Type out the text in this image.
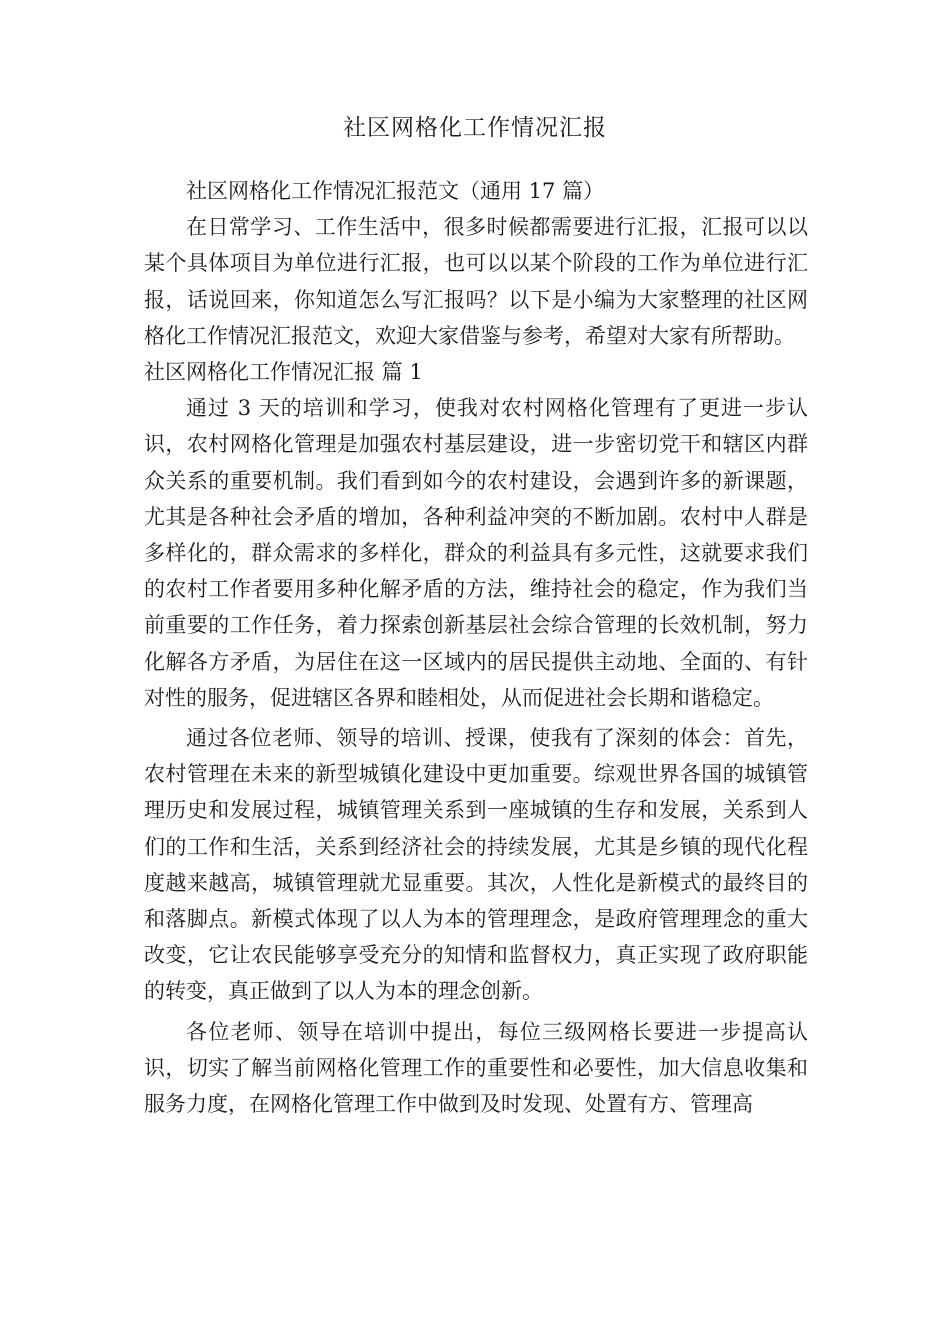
社区网格化工作情况汇报

社区网格化工作情况汇报范文（通用 17 篇）

在日常学习、工作生活中，很多时候都需要进行汇报，汇报可以以某个具体项目为单位进行汇报，也可以以某个阶段的工作为单位进行汇报，话说回来，你知道怎么写汇报吗？以下是小编为大家整理的社区网格化工作情况汇报范文，欢迎大家借鉴与参考，希望对大家有所帮助。

社区网格化工作情况汇报 篇 1

通过 3 天的培训和学习，使我对农村网格化管理有了更进一步认识，农村网格化管理是加强农村基层建设，进一步密切党干和辖区内群众关系的重要机制。我们看到如今的农村建设，会遇到许多的新课题，尤其是各种社会矛盾的增加，各种利益冲突的不断加剧。农村中人群是多样化的，群众需求的多样化，群众的利益具有多元性，这就要求我们的农村工作者要用多种化解矛盾的方法，维持社会的稳定，作为我们当前重要的工作任务，着力探索创新基层社会综合管理的长效机制，努力化解各方矛盾，为居住在这一区域内的居民提供主动地、全面的、有针对性的服务，促进辖区各界和睦相处，从而促进社会长期和谐稳定。

通过各位老师、领导的培训、授课，使我有了深刻的体会：首先，农村管理在未来的新型城镇化建设中更加重要。综观世界各国的城镇管理历史和发展过程，城镇管理关系到一座城镇的生存和发展，关系到人们的工作和生活，关系到经济社会的持续发展，尤其是乡镇的现代化程度越来越高，城镇管理就尤显重要。其次，人性化是新模式的最终目的和落脚点。新模式体现了以人为本的管理理念，是政府管理理念的重大改变，它让农民能够享受充分的知情和监督权力，真正实现了政府职能的转变，真正做到了以人为本的理念创新。

各位老师、领导在培训中提出，每位三级网格长要进一步提高认识，切实了解当前网格化管理工作的重要性和必要性，加大信息收集和服务力度，在网格化管理工作中做到及时发现、处置有方、管理高
